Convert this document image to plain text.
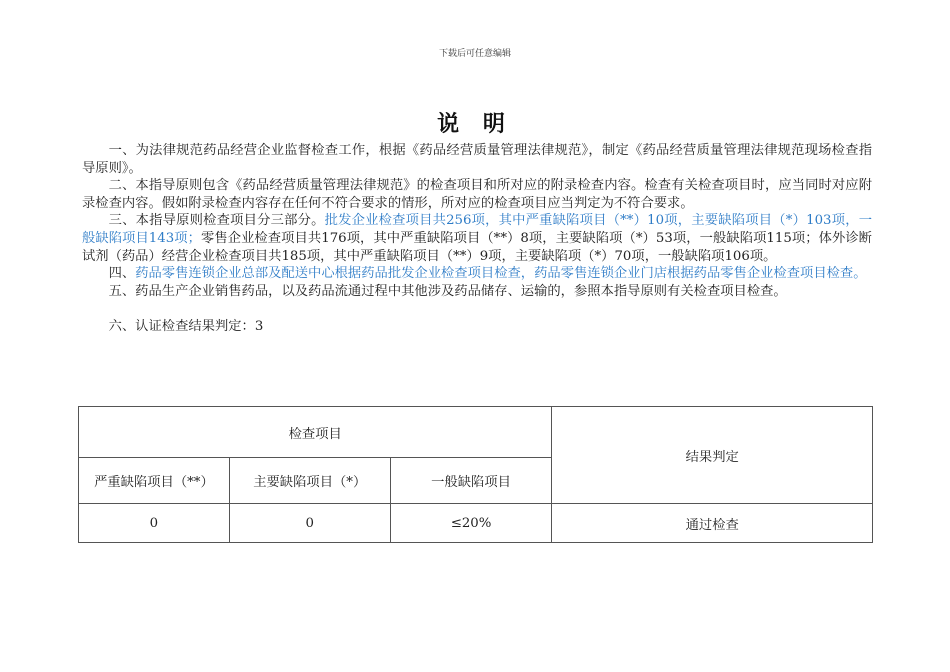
下载后可任意编辑
说 明

一、为法律规范药品经营企业监督检查工作，根据《药品经营质量管理法律规范》，制定《药品经营质量管理法律规范现场检查指导原则》。

二、本指导原则包含《药品经营质量管理法律规范》的检查项目和所对应的附录检查内容。检查有关检查项目时，应当同时对应附录检查内容。假如附录检查内容存在任何不符合要求的情形，所对应的检查项目应当判定为不符合要求。

三、本指导原则检查项目分三部分。批发企业检查项目共256项，其中严重缺陷项目（**）10项，主要缺陷项目（*）103项，一般缺陷项目143项；零售企业检查项目共176项，其中严重缺陷项目（**）8项，主要缺陷项（*）53项，一般缺陷项115项；体外诊断试剂（药品）经营企业检查项目共185项，其中严重缺陷项目（**）9项，主要缺陷项（*）70项，一般缺陷项106项。

四、药品零售连锁企业总部及配送中心根据药品批发企业检查项目检查，药品零售连锁企业门店根据药品零售企业检查项目检查。

五、药品生产企业销售药品，以及药品流通过程中其他涉及药品储存、运输的，参照本指导原则有关检查项目检查。

六、认证检查结果判定：3

检查项目			结果判定
严重缺陷项目（**）	主要缺陷项目（*）	一般缺陷项目	
0	0	≤20%	通过检查
